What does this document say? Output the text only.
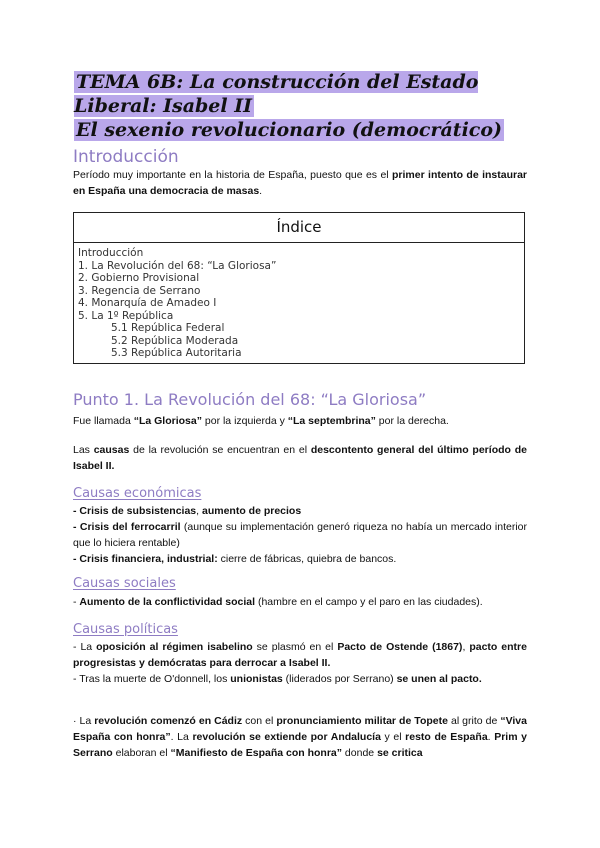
TEMA 6B: La construcción del Estado Liberal: Isabel II
El sexenio revolucionario (democrático)
Introducción
Período muy importante en la historia de España, puesto que es el primer intento de instaurar en España una democracia de masas.
Índice
Introducción
1. La Revolución del 68: “La Gloriosa”
2. Gobierno Provisional
3. Regencia de Serrano
4. Monarquía de Amadeo I
5. La 1º República
5.1 República Federal
5.2 República Moderada
5.3 República Autoritaria
Punto 1. La Revolución del 68: “La Gloriosa”
Fue llamada “La Gloriosa” por la izquierda y “La septembrina” por la derecha.
Las causas de la revolución se encuentran en el descontento general del último período de Isabel II.
Causas económicas
- Crisis de subsistencias, aumento de precios
- Crisis del ferrocarril (aunque su implementación generó riqueza no había un mercado interior que lo hiciera rentable)
- Crisis financiera, industrial: cierre de fábricas, quiebra de bancos.
Causas sociales
- Aumento de la conflictividad social (hambre en el campo y el paro en las ciudades).
Causas políticas
- La oposición al régimen isabelino se plasmó en el Pacto de Ostende (1867), pacto entre progresistas y demócratas para derrocar a Isabel II.
- Tras la muerte de O'donnell, los unionistas (liderados por Serrano) se unen al pacto.
· La revolución comenzó en Cádiz con el pronunciamiento militar de Topete al grito de “Viva España con honra”. La revolución se extiende por Andalucía y el resto de España. Prim y Serrano elaboran el “Manifiesto de España con honra” donde se critica
